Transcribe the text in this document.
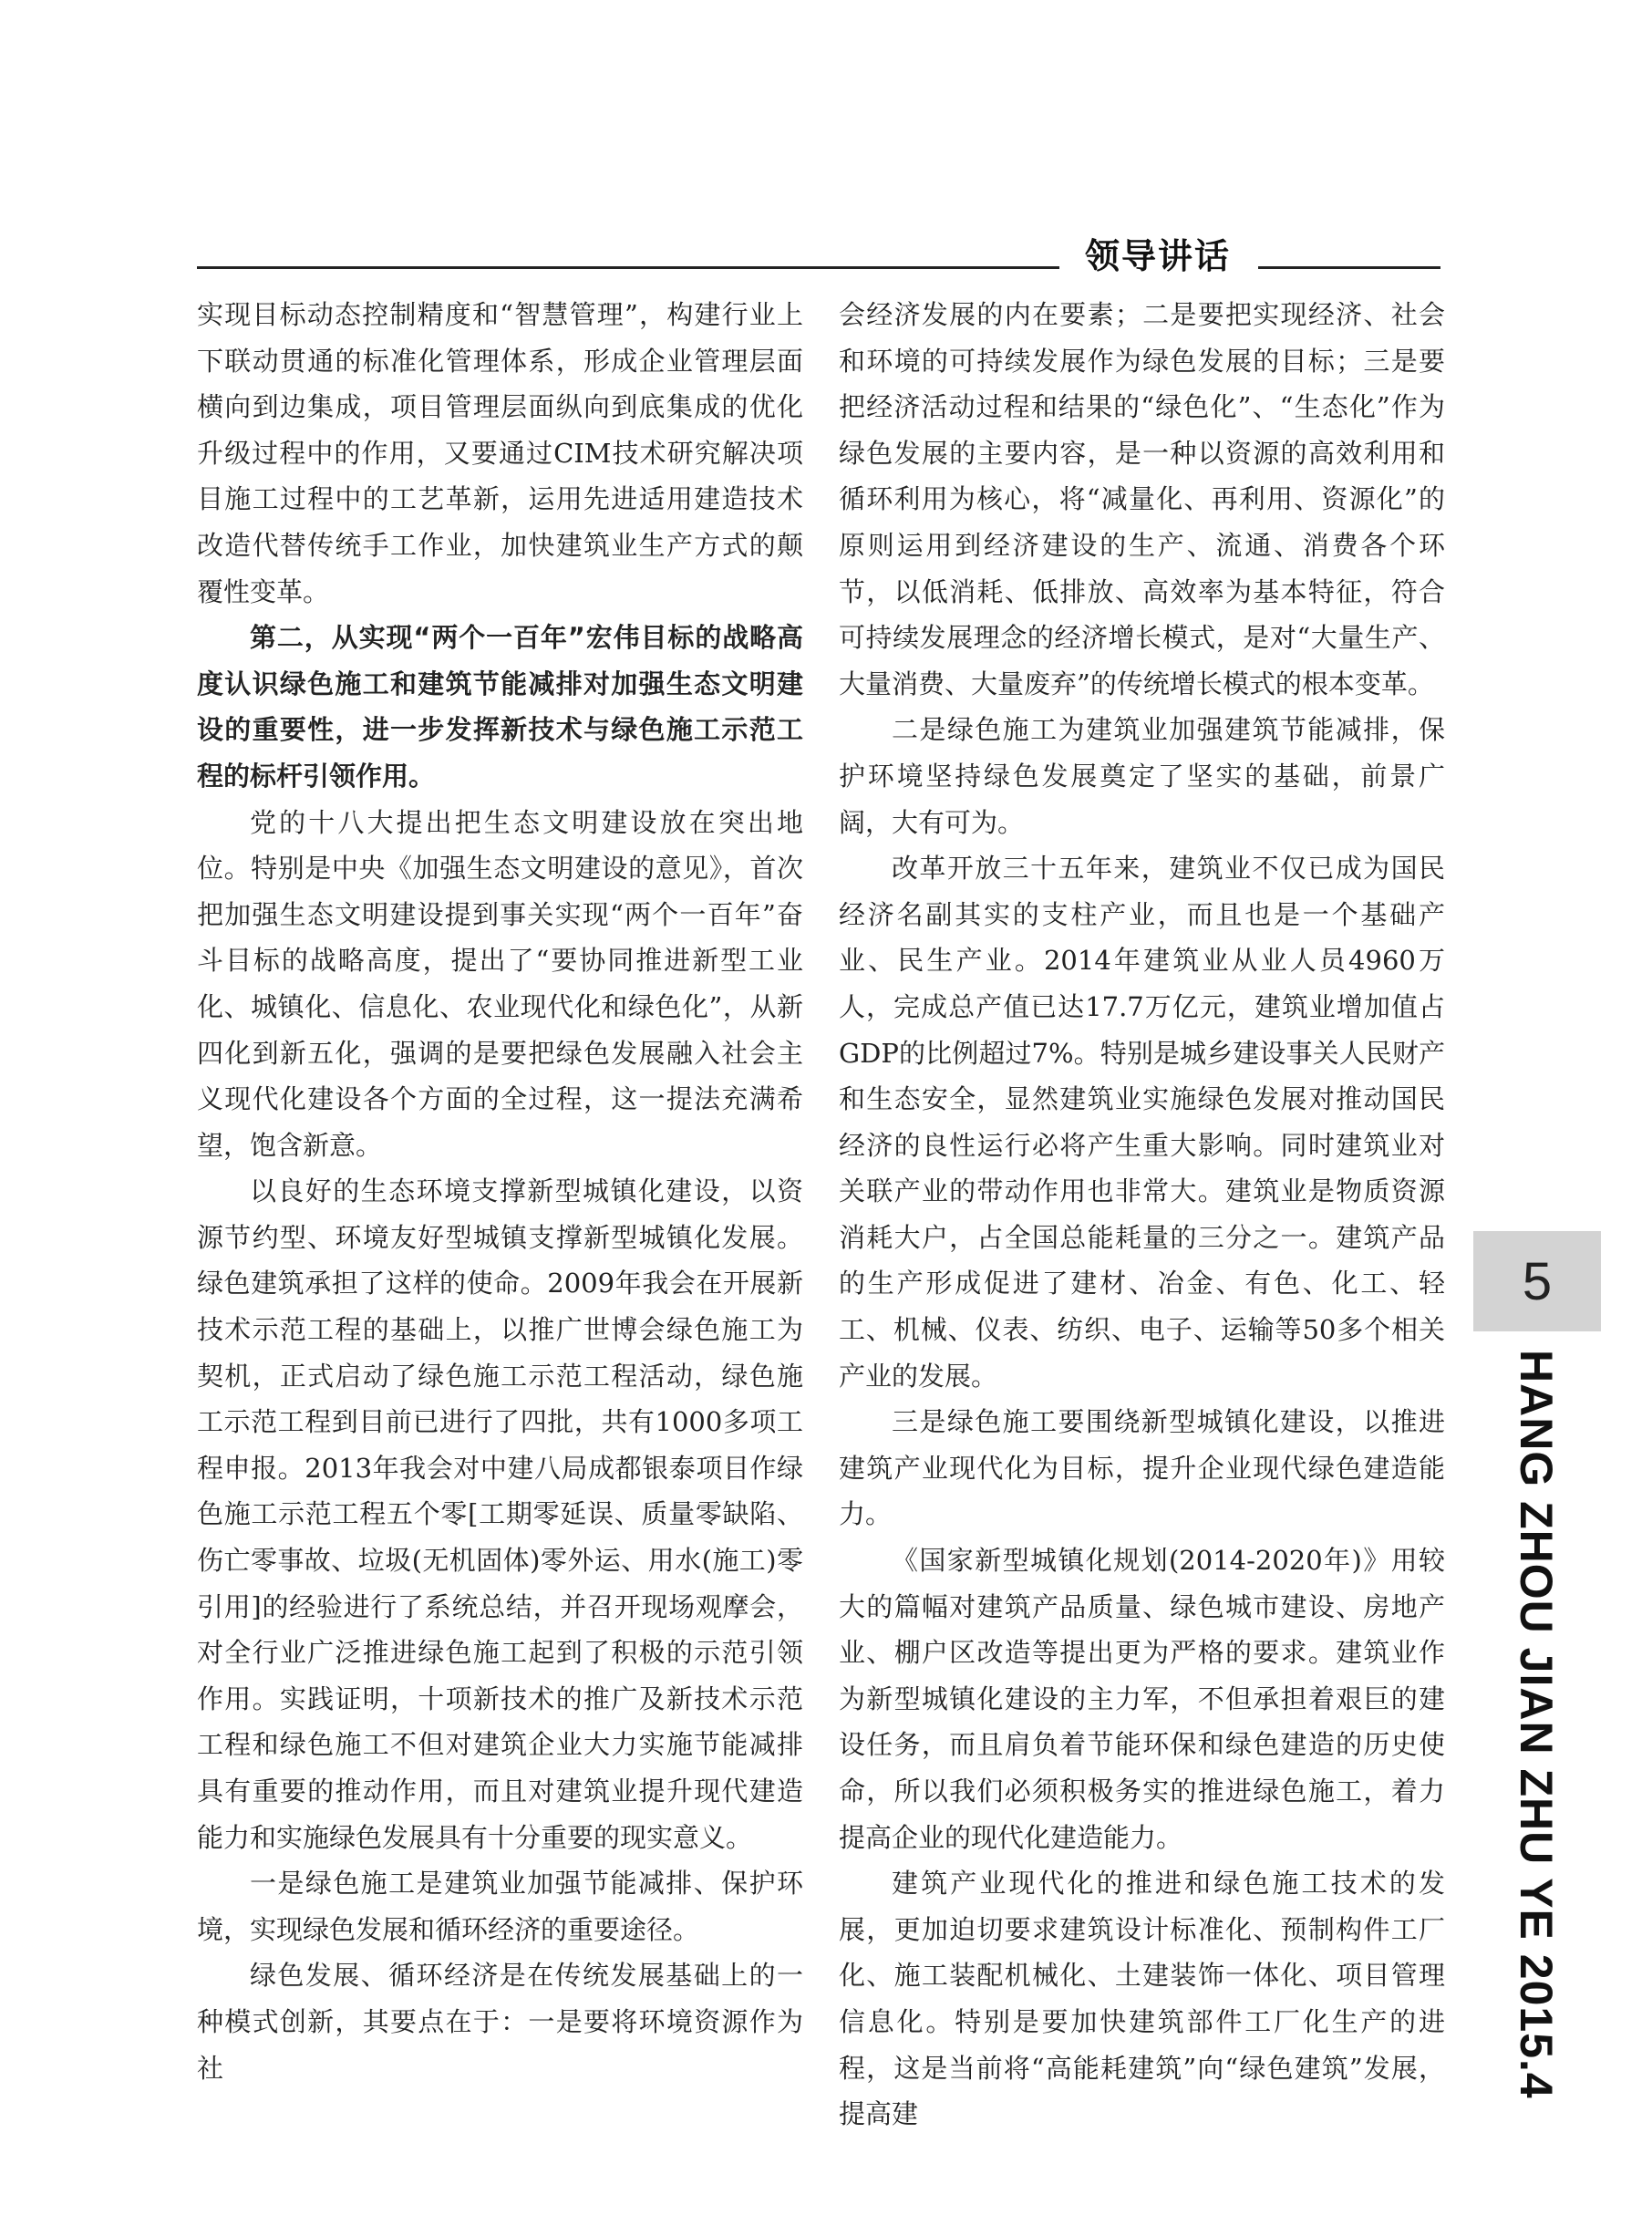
领导讲话

实现目标动态控制精度和“智慧管理”，构建行业上下联动贯通的标准化管理体系，形成企业管理层面横向到边集成，项目管理层面纵向到底集成的优化升级过程中的作用，又要通过CIM技术研究解决项目施工过程中的工艺革新，运用先进适用建造技术改造代替传统手工作业，加快建筑业生产方式的颠覆性变革。

第二，从实现“两个一百年”宏伟目标的战略高度认识绿色施工和建筑节能减排对加强生态文明建设的重要性，进一步发挥新技术与绿色施工示范工程的标杆引领作用。

党的十八大提出把生态文明建设放在突出地位。特别是中央《加强生态文明建设的意见》，首次把加强生态文明建设提到事关实现“两个一百年”奋斗目标的战略高度，提出了“要协同推进新型工业化、城镇化、信息化、农业现代化和绿色化”，从新四化到新五化，强调的是要把绿色发展融入社会主义现代化建设各个方面的全过程，这一提法充满希望，饱含新意。

以良好的生态环境支撑新型城镇化建设，以资源节约型、环境友好型城镇支撑新型城镇化发展。绿色建筑承担了这样的使命。2009年我会在开展新技术示范工程的基础上，以推广世博会绿色施工为契机，正式启动了绿色施工示范工程活动，绿色施工示范工程到目前已进行了四批，共有1000多项工程申报。2013年我会对中建八局成都银泰项目作绿色施工示范工程五个零[工期零延误、质量零缺陷、伤亡零事故、垃圾(无机固体)零外运、用水(施工)零引用]的经验进行了系统总结，并召开现场观摩会，对全行业广泛推进绿色施工起到了积极的示范引领作用。实践证明，十项新技术的推广及新技术示范工程和绿色施工不但对建筑企业大力实施节能减排具有重要的推动作用，而且对建筑业提升现代建造能力和实施绿色发展具有十分重要的现实意义。

一是绿色施工是建筑业加强节能减排、保护环境，实现绿色发展和循环经济的重要途径。

绿色发展、循环经济是在传统发展基础上的一种模式创新，其要点在于：一是要将环境资源作为社

会经济发展的内在要素；二是要把实现经济、社会和环境的可持续发展作为绿色发展的目标；三是要把经济活动过程和结果的“绿色化”、“生态化”作为绿色发展的主要内容，是一种以资源的高效利用和循环利用为核心，将“减量化、再利用、资源化”的原则运用到经济建设的生产、流通、消费各个环节，以低消耗、低排放、高效率为基本特征，符合可持续发展理念的经济增长模式，是对“大量生产、大量消费、大量废弃”的传统增长模式的根本变革。

二是绿色施工为建筑业加强建筑节能减排，保护环境坚持绿色发展奠定了坚实的基础，前景广阔，大有可为。

改革开放三十五年来，建筑业不仅已成为国民经济名副其实的支柱产业，而且也是一个基础产业、民生产业。2014年建筑业从业人员4960万人，完成总产值已达17.7万亿元，建筑业增加值占GDP的比例超过7%。特别是城乡建设事关人民财产和生态安全，显然建筑业实施绿色发展对推动国民经济的良性运行必将产生重大影响。同时建筑业对关联产业的带动作用也非常大。建筑业是物质资源消耗大户，占全国总能耗量的三分之一。建筑产品的生产形成促进了建材、冶金、有色、化工、轻工、机械、仪表、纺织、电子、运输等50多个相关产业的发展。

三是绿色施工要围绕新型城镇化建设，以推进建筑产业现代化为目标，提升企业现代绿色建造能力。

《国家新型城镇化规划(2014-2020年)》用较大的篇幅对建筑产品质量、绿色城市建设、房地产业、棚户区改造等提出更为严格的要求。建筑业作为新型城镇化建设的主力军，不但承担着艰巨的建设任务，而且肩负着节能环保和绿色建造的历史使命，所以我们必须积极务实的推进绿色施工，着力提高企业的现代化建造能力。

建筑产业现代化的推进和绿色施工技术的发展，更加迫切要求建筑设计标准化、预制构件工厂化、施工装配机械化、土建装饰一体化、项目管理信息化。特别是要加快建筑部件工厂化生产的进程，这是当前将“高能耗建筑”向“绿色建筑”发展，提高建

5
HANG ZHOU JIAN ZHU YE 2015.4
